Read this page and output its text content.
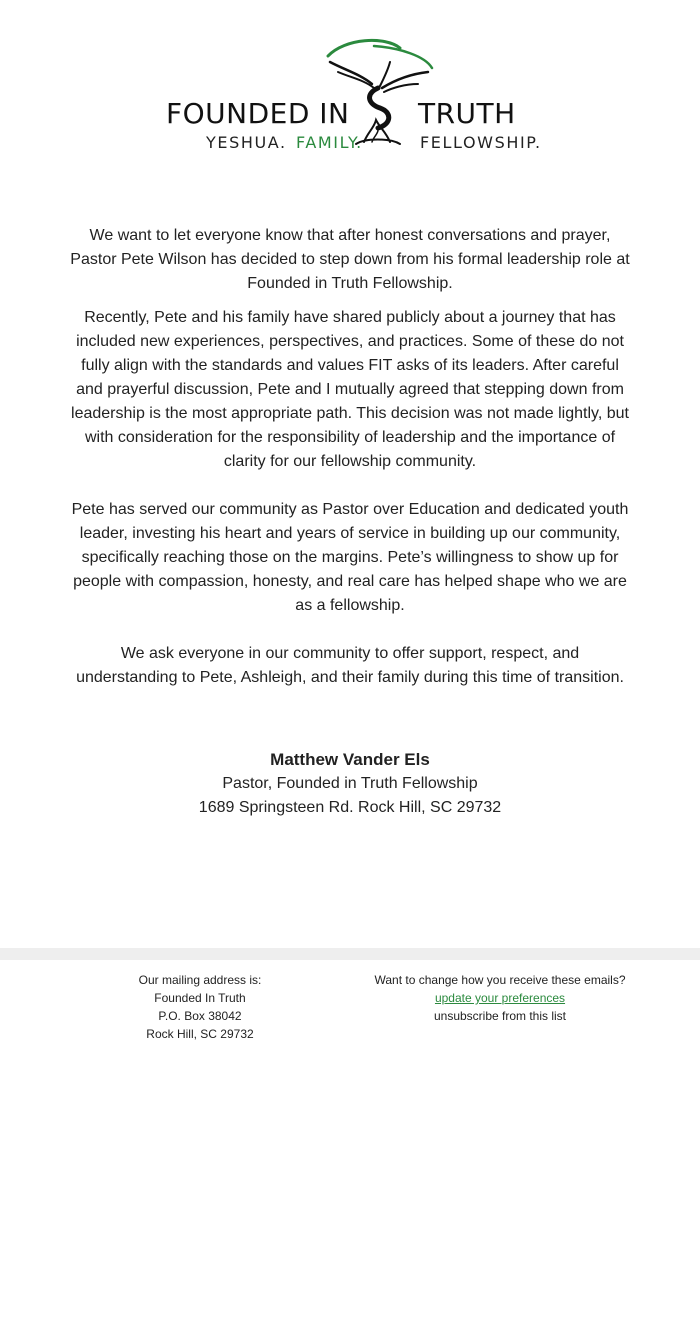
FOUNDED IN TRUTH
YESHUA. FAMILY.	FELLOWSHIP.
We want to let everyone know that after honest conversations and prayer, Pastor Pete Wilson has decided to step down from his formal leadership role at Founded in Truth Fellowship.
Recently, Pete and his family have shared publicly about a journey that has included new experiences, perspectives, and practices. Some of these do not fully align with the standards and values FIT asks of its leaders. After careful and prayerful discussion, Pete and I mutually agreed that stepping down from leadership is the most appropriate path. This decision was not made lightly, but with consideration for the responsibility of leadership and the importance of clarity for our fellowship community.
Pete has served our community as Pastor over Education and dedicated youth leader, investing his heart and years of service in building up our community, specifically reaching those on the margins. Pete’s willingness to show up for people with compassion, honesty, and real care has helped shape who we are as a fellowship.
We ask everyone in our community to offer support, respect, and understanding to Pete, Ashleigh, and their family during this time of transition.
Matthew Vander Els
Pastor, Founded in Truth Fellowship
1689 Springsteen Rd. Rock Hill, SC 29732
Our mailing address is:
Founded In Truth
P.O. Box 38042
Rock Hill, SC 29732
Want to change how you receive these emails?
update your preferences
unsubscribe from this list
